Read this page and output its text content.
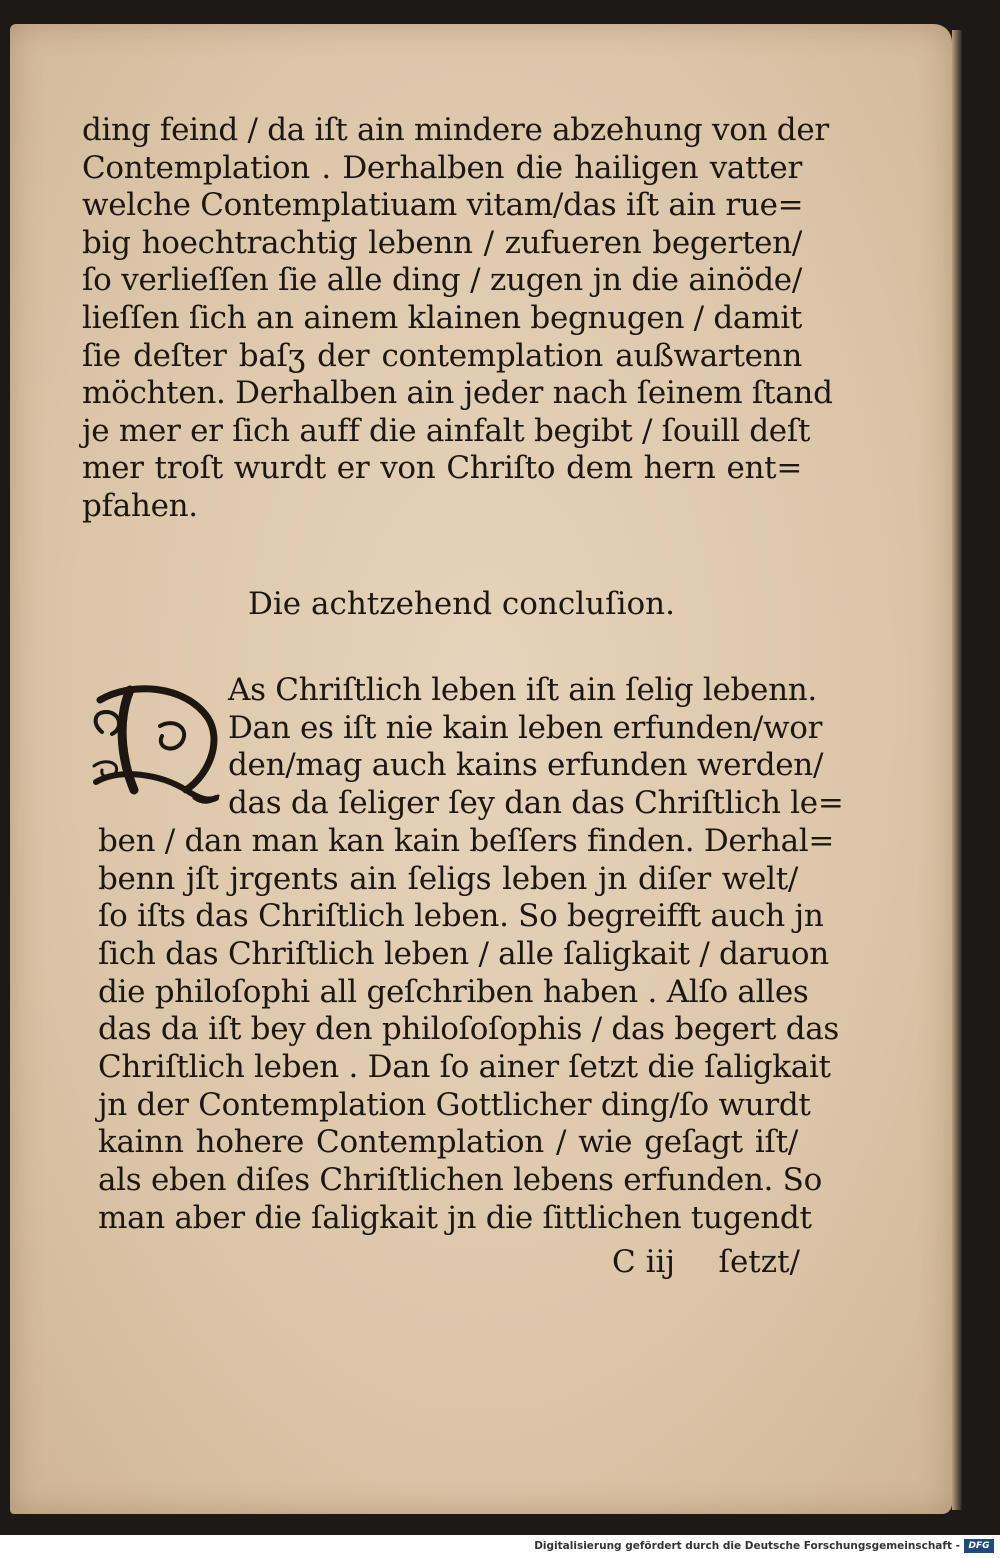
ding feind / da iſt ain mindere abzehung von der
Contemplation . Derhalben die hailigen vatter
welche Contemplatiuam vitam/das iſt ain rue=
big hoechtrachtig lebenn / zufueren begerten/
ſo verlieſſen ſie alle ding / zugen jn die ainöde/
lieſſen ſich an ainem klainen begnugen / damit
ſie deſter baſʒ der contemplation außwartenn
möchten. Derhalben ain jeder nach ſeinem ſtand
je mer er ſich auff die ainfalt begibt / ſouill deſt
mer troſt wurdt er von Chriſto dem hern ent=
pfahen.
Die achtzehend concluſion.
As Chriſtlich leben iſt ain ſelig lebenn.
Dan es iſt nie kain leben erfunden/wor
den/mag auch kains erfunden werden/
das da ſeliger ſey dan das Chriſtlich le=
ben / dan man kan kain beſſers finden. Derhal=
benn jſt jrgents ain ſeligs leben jn diſer welt/
ſo iſts das Chriſtlich leben. So begreifft auch jn
ſich das Chriſtlich leben / alle ſaligkait / daruon
die philoſophi all geſchriben haben . Alſo alles
das da iſt bey den philoſoſophis / das begert das
Chriſtlich leben . Dan ſo ainer ſetzt die ſaligkait
jn der Contemplation Gottlicher ding/ſo wurdt
kainn hohere Contemplation / wie geſagt iſt/
als eben diſes Chriſtlichen lebens erfunden. So
man aber die ſaligkait jn die ſittlichen tugendt
C iij ſetzt/
Digitalisierung gefördert durch die Deutsche Forschungsgemeinschaft - DFG
